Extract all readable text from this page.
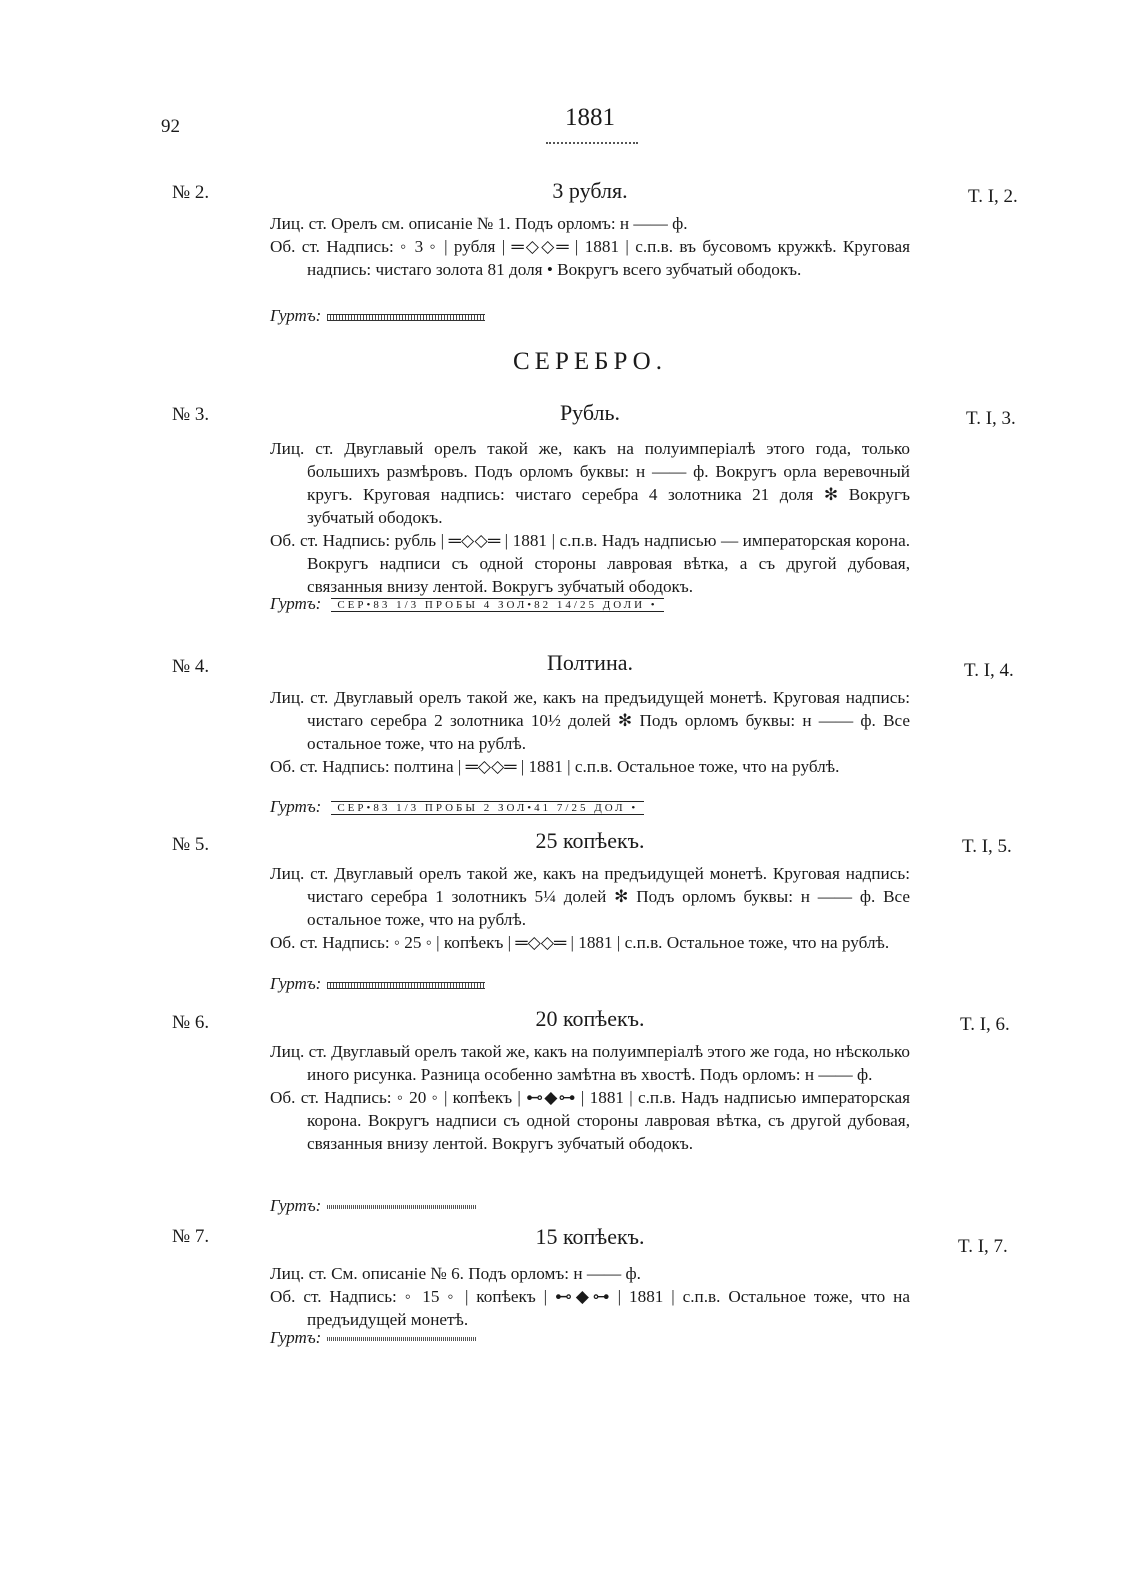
92	1881
№ 2.	3 рубля.	T. I, 2.

Лиц. ст. Орелъ см. описаніе № 1. Подъ орломъ: н —— ф.

Об. ст. Надпись: ◦ 3 ◦ | рубля | ═◇◇═ | 1881 | с.п.в. въ бусовомъ кружкѣ. Круговая надпись: чистаго золота 81 доля • Вокругъ всего зубчатый ободокъ.

Гуртъ:
СЕРЕБРО.
№ 3.	Рубль.	T. I, 3.

Лиц. ст. Двуглавый орелъ такой же, какъ на полуимперіалѣ этого года, только большихъ размѣровъ. Подъ орломъ буквы: н —— ф. Вокругъ орла веревочный кругъ. Круговая надпись: чистаго серебра 4 золотника 21 доля ✻ Вокругъ зубчатый ободокъ.

Об. ст. Надпись: рубль | ═◇◇═ | 1881 | с.п.в. Надъ надписью — императорская корона. Вокругъ надписи съ одной стороны лавровая вѣтка, а съ другой дубовая, связанныя внизу лентой. Вокругъ зубчатый ободокъ.

Гуртъ: СЕР•83 1/3 ПРОБЫ 4 ЗОЛ•82 14/25 ДОЛИ •
№ 4.	Полтина.	T. I, 4.

Лиц. ст. Двуглавый орелъ такой же, какъ на предъидущей монетѣ. Круговая надпись: чистаго серебра 2 золотника 10½ долей ✻ Подъ орломъ буквы: н —— ф. Все остальное тоже, что на рублѣ.

Об. ст. Надпись: полтина | ═◇◇═ | 1881 | с.п.в. Остальное тоже, что на рублѣ.

Гуртъ: СЕР•83 1/3 ПРОБЫ 2 ЗОЛ•41 7/25 ДОЛ •
№ 5.	25 копѣекъ.	T. I, 5.

Лиц. ст. Двуглавый орелъ такой же, какъ на предъидущей монетѣ. Круговая надпись: чистаго серебра 1 золотникъ 5¼ долей ✻ Подъ орломъ буквы: н —— ф. Все остальное тоже, что на рублѣ.

Об. ст. Надпись: ◦ 25 ◦ | копѣекъ | ═◇◇═ | 1881 | с.п.в. Остальное тоже, что на рублѣ.

Гуртъ:
№ 6.	20 копѣекъ.	T. I, 6.

Лиц. ст. Двуглавый орелъ такой же, какъ на полуимперіалѣ этого же года, но нѣсколько иного рисунка. Разница особенно замѣтна въ хвостѣ. Подъ орломъ: н —— ф.

Об. ст. Надпись: ◦ 20 ◦ | копѣекъ | ⊷◆⊶ | 1881 | с.п.в. Надъ надписью императорская корона. Вокругъ надписи съ одной стороны лавровая вѣтка, съ другой дубовая, связанныя внизу лентой. Вокругъ зубчатый ободокъ.

Гуртъ:
№ 7.	15 копѣекъ.	T. I, 7.

Лиц. ст. См. описаніе № 6. Подъ орломъ: н —— ф.

Об. ст. Надпись: ◦ 15 ◦ | копѣекъ | ⊷◆⊶ | 1881 | с.п.в. Остальное тоже, что на предъидущей монетѣ.

Гуртъ:
